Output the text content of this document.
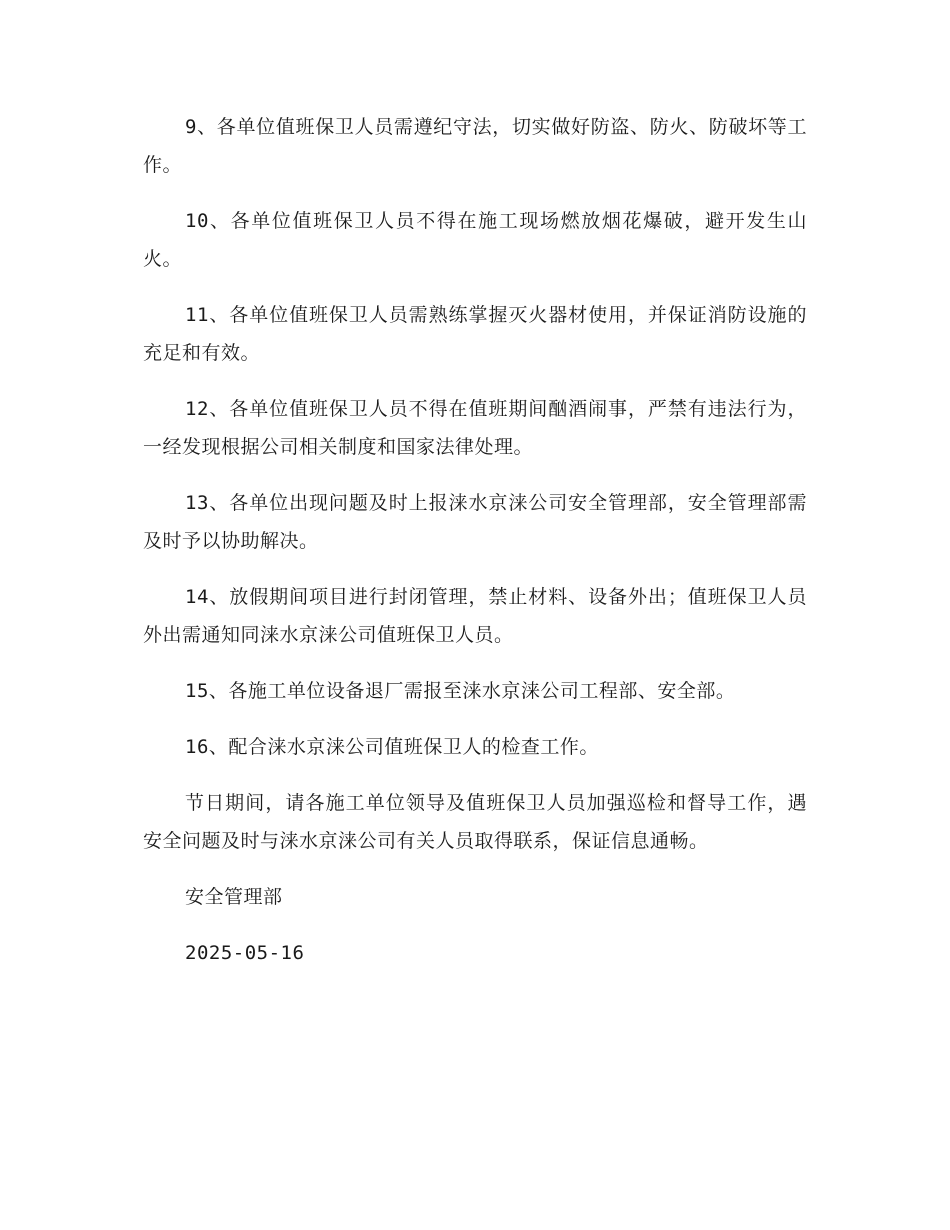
9、各单位值班保卫人员需遵纪守法，切实做好防盗、防火、防破坏等工作。

10、各单位值班保卫人员不得在施工现场燃放烟花爆破，避开发生山火。

11、各单位值班保卫人员需熟练掌握灭火器材使用，并保证消防设施的充足和有效。

12、各单位值班保卫人员不得在值班期间酗酒闹事，严禁有违法行为，一经发现根据公司相关制度和国家法律处理。

13、各单位出现问题及时上报涞水京涞公司安全管理部，安全管理部需及时予以协助解决。

14、放假期间项目进行封闭管理，禁止材料、设备外出；值班保卫人员外出需通知同涞水京涞公司值班保卫人员。

15、各施工单位设备退厂需报至涞水京涞公司工程部、安全部。

16、配合涞水京涞公司值班保卫人的检查工作。

节日期间，请各施工单位领导及值班保卫人员加强巡检和督导工作，遇安全问题及时与涞水京涞公司有关人员取得联系，保证信息通畅。

安全管理部

2025-05-16
